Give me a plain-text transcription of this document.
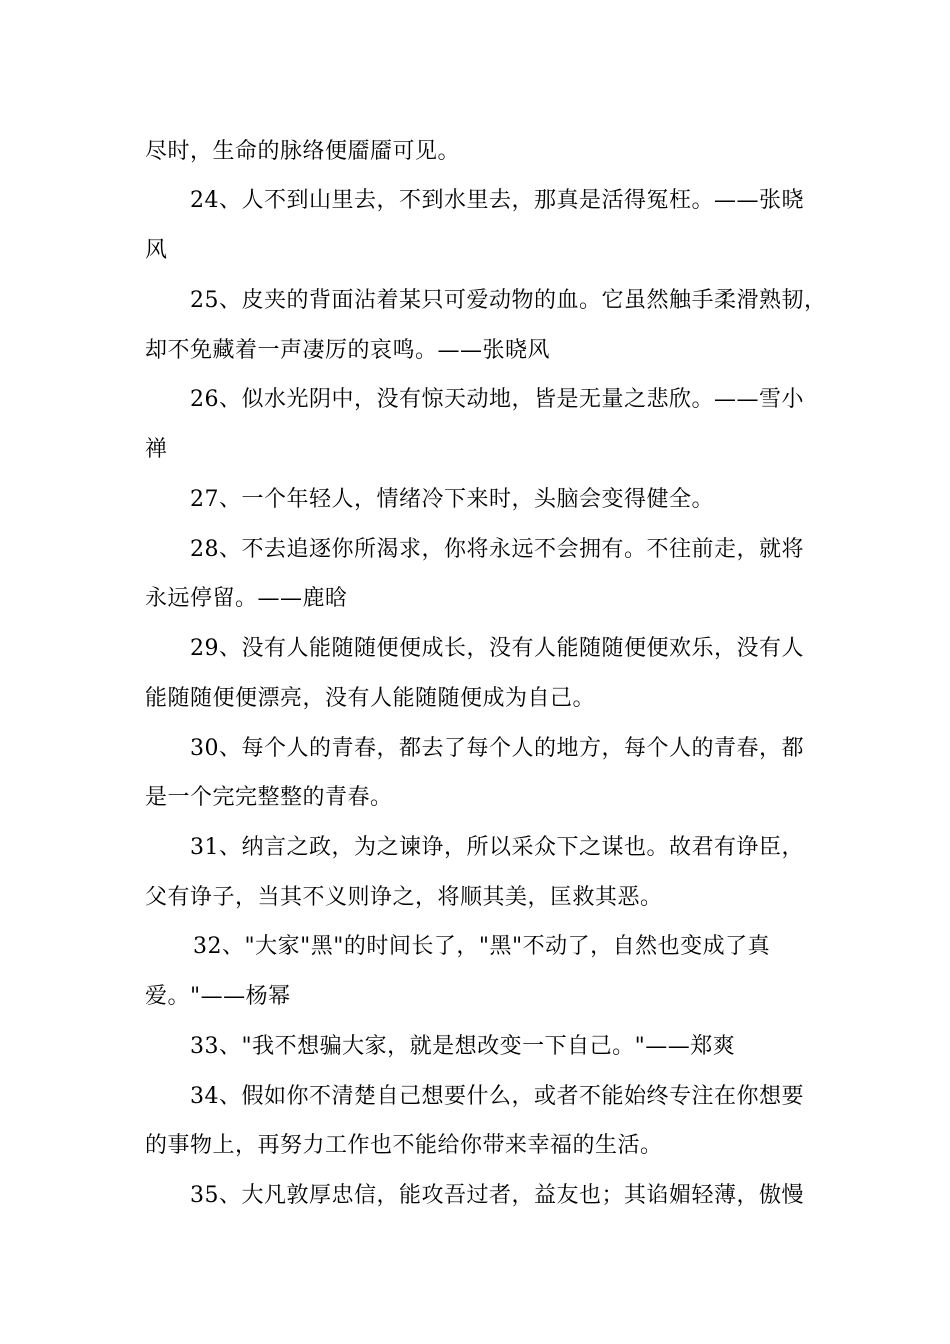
尽时，生命的脉络便靥靥可见。
24、人不到山里去，不到水里去，那真是活得冤枉。——张晓
风
25、皮夹的背面沾着某只可爱动物的血。它虽然触手柔滑熟韧，
却不免藏着一声凄厉的哀鸣。——张晓风
26、似水光阴中，没有惊天动地，皆是无量之悲欣。——雪小
禅
27、一个年轻人，情绪冷下来时，头脑会变得健全。
28、不去追逐你所渴求，你将永远不会拥有。不往前走，就将
永远停留。——鹿晗
29、没有人能随随便便成长，没有人能随随便便欢乐，没有人
能随随便便漂亮，没有人能随随便成为自己。
30、每个人的青春，都去了每个人的地方，每个人的青春，都
是一个完完整整的青春。
31、纳言之政，为之谏诤，所以采众下之谋也。故君有诤臣，
父有诤子，当其不义则诤之，将顺其美，匡救其恶。
32、"大家"黑"的时间长了，"黑"不动了，自然也变成了真
爱。"——杨幂
33、"我不想骗大家，就是想改变一下自己。"——郑爽
34、假如你不清楚自己想要什么，或者不能始终专注在你想要
的事物上，再努力工作也不能给你带来幸福的生活。
35、大凡敦厚忠信，能攻吾过者，益友也；其谄媚轻薄，傲慢
